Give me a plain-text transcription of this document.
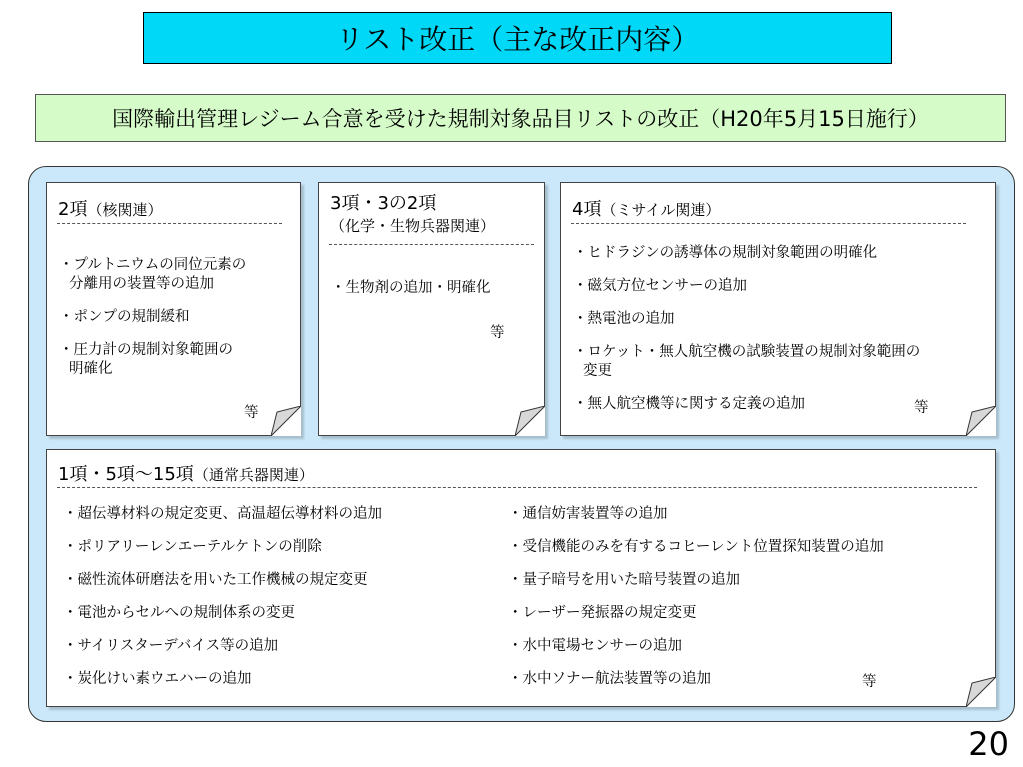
リスト改正（主な改正内容）
国際輸出管理レジーム合意を受けた規制対象品目リストの改正（H20年5月15日施行）
2項（核関連）
・プルトニウムの同位元素の
分離用の装置等の追加
・ポンプの規制緩和
・圧力計の規制対象範囲の
明確化
等
3項・3の2項
（化学・生物兵器関連）
・生物剤の追加・明確化
等
4項（ミサイル関連）
・ヒドラジンの誘導体の規制対象範囲の明確化
・磁気方位センサーの追加
・熱電池の追加
・ロケット・無人航空機の試験装置の規制対象範囲の
変更
・無人航空機等に関する定義の追加	等
1項・5項～15項（通常兵器関連）
・超伝導材料の規定変更、高温超伝導材料の追加
・ポリアリーレンエーテルケトンの削除
・磁性流体研磨法を用いた工作機械の規定変更
・電池からセルへの規制体系の変更
・サイリスターデバイス等の追加
・炭化けい素ウエハーの追加
・通信妨害装置等の追加
・受信機能のみを有するコヒーレント位置探知装置の追加
・量子暗号を用いた暗号装置の追加
・レーザー発振器の規定変更
・水中電場センサーの追加
・水中ソナー航法装置等の追加	等
20
